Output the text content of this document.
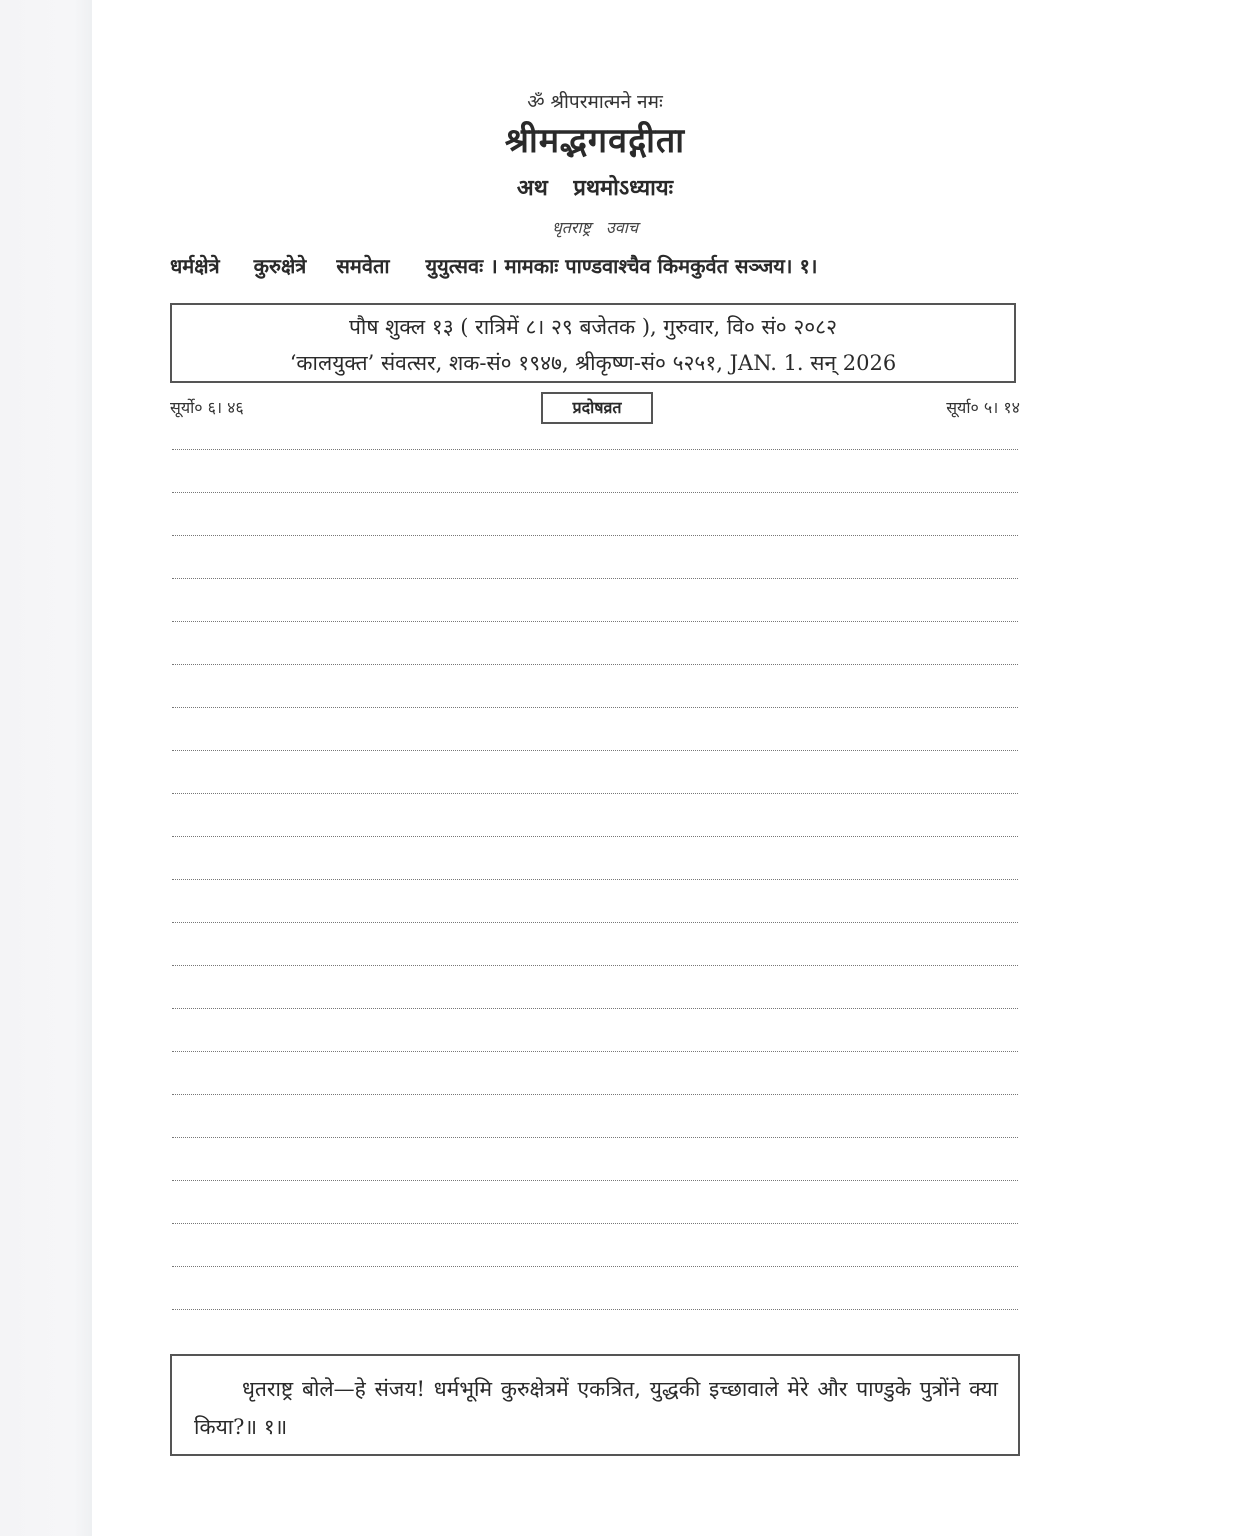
ॐ श्रीपरमात्मने नमः
श्रीमद्भगवद्गीता
अथ प्रथमोऽध्यायः
धृतराष्ट्र उवाच
धर्मक्षेत्रे कुरुक्षेत्रे समवेता युयुत्सवः । मामकाः पाण्डवाश्चैव किमकुर्वत सञ्जय। १।
पौष शुक्ल १३ ( रात्रिमें ८। २९ बजेतक ), गुरुवार, वि० सं० २०८२
‘कालयुक्त’ संवत्सर, शक-सं० १९४७, श्रीकृष्ण-सं० ५२५१, JAN. 1. सन् 2026
सूर्यो० ६। ४६	प्रदोषव्रत	सूर्या० ५। १४
धृतराष्ट्र बोले—हे संजय! धर्मभूमि कुरुक्षेत्रमें एकत्रित, युद्धकी इच्छावाले मेरे और पाण्डुके पुत्रोंने क्या किया?॥ १॥
